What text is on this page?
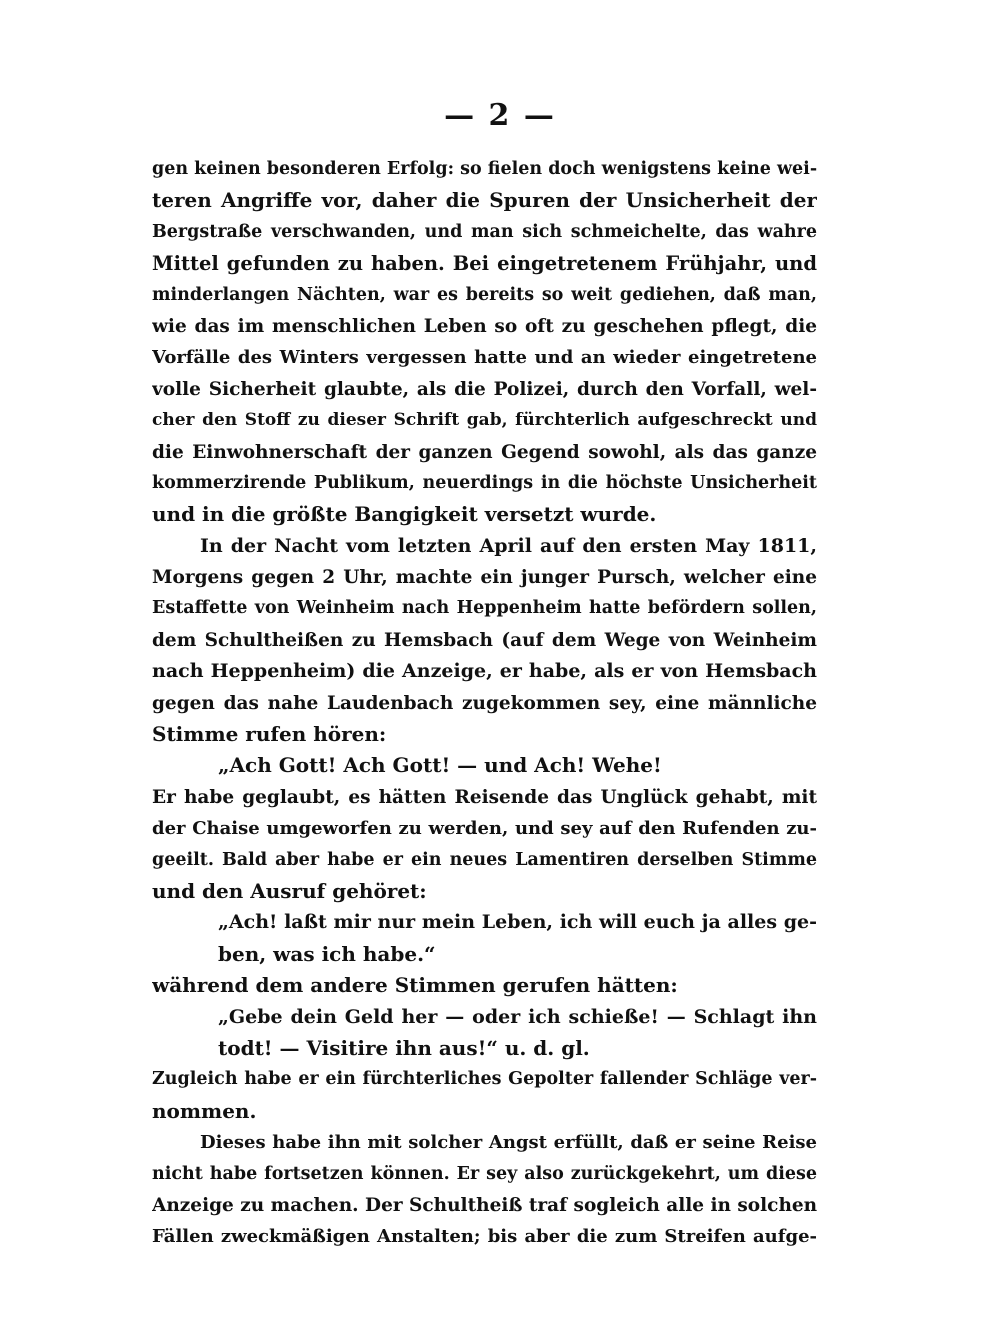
— 2 —
gen keinen besonderen Erfolg: so fielen doch wenigstens keine wei-
teren Angriffe vor, daher die Spuren der Unsicherheit der
Bergstraße verschwanden, und man sich schmeichelte, das wahre
Mittel gefunden zu haben. Bei eingetretenem Frühjahr, und
minderlangen Nächten, war es bereits so weit gediehen, daß man,
wie das im menschlichen Leben so oft zu geschehen pflegt, die
Vorfälle des Winters vergessen hatte und an wieder eingetretene
volle Sicherheit glaubte, als die Polizei, durch den Vorfall, wel-
cher den Stoff zu dieser Schrift gab, fürchterlich aufgeschreckt und
die Einwohnerschaft der ganzen Gegend sowohl, als das ganze
kommerzirende Publikum, neuerdings in die höchste Unsicherheit
und in die größte Bangigkeit versetzt wurde.
In der Nacht vom letzten April auf den ersten May 1811,
Morgens gegen 2 Uhr, machte ein junger Pursch, welcher eine
Estaffette von Weinheim nach Heppenheim hatte befördern sollen,
dem Schultheißen zu Hemsbach (auf dem Wege von Weinheim
nach Heppenheim) die Anzeige, er habe, als er von Hemsbach
gegen das nahe Laudenbach zugekommen sey, eine männliche
Stimme rufen hören:
„Ach Gott! Ach Gott! — und Ach! Wehe!
Er habe geglaubt, es hätten Reisende das Unglück gehabt, mit
der Chaise umgeworfen zu werden, und sey auf den Rufenden zu-
geeilt. Bald aber habe er ein neues Lamentiren derselben Stimme
und den Ausruf gehöret:
„Ach! laßt mir nur mein Leben, ich will euch ja alles ge-
ben, was ich habe.“
während dem andere Stimmen gerufen hätten:
„Gebe dein Geld her — oder ich schieße! — Schlagt ihn
todt! — Visitire ihn aus!“ u. d. gl.
Zugleich habe er ein fürchterliches Gepolter fallender Schläge ver-
nommen.
Dieses habe ihn mit solcher Angst erfüllt, daß er seine Reise
nicht habe fortsetzen können. Er sey also zurückgekehrt, um diese
Anzeige zu machen. Der Schultheiß traf sogleich alle in solchen
Fällen zweckmäßigen Anstalten; bis aber die zum Streifen aufge-
